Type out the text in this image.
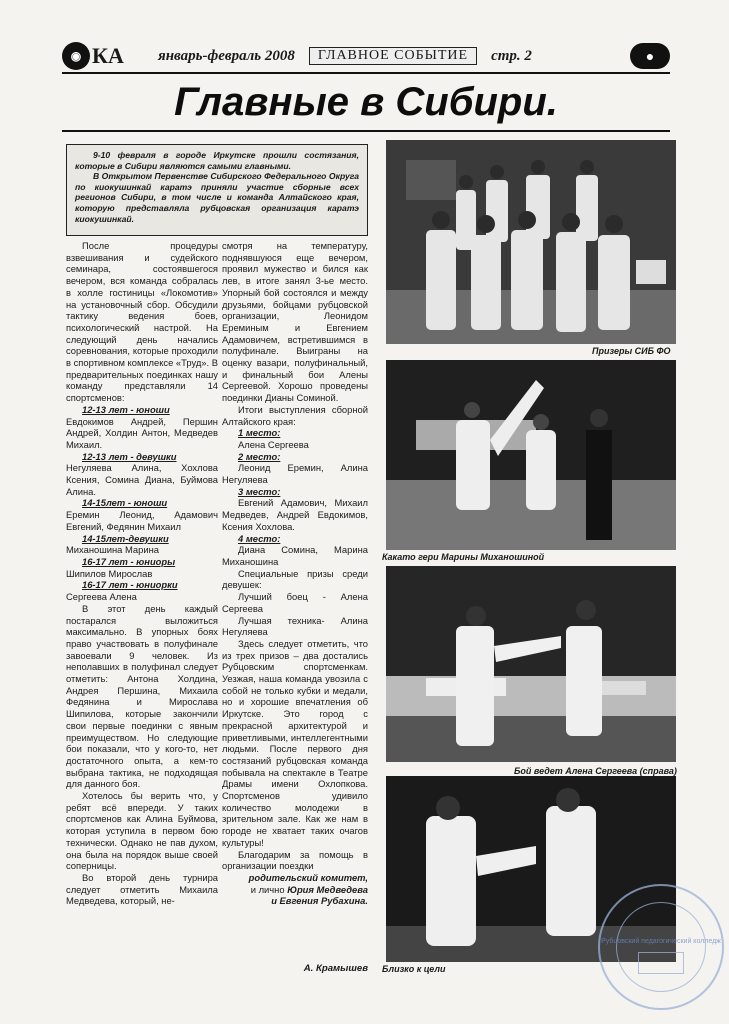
◉ КА январь-февраль 2008	ГЛАВНОЕ СОБЫТИЕ	стр. 2	●
Главные в Сибири.

9-10 февраля в городе Иркутске прошли состязания, которые в Сибири являются самыми главными.

В Открытом Первенстве Сибирского Федерального Округа по киокушинкай каратэ приняли участие сборные всех регионов Сибири, в том числе и команда Алтайского края, которую представляла рубцовская организация каратэ киокушинкай.

После процедуры взвешивания и судейского семинара, состоявшегося вечером, вся команда собралась в холле гостиницы «Локомотив» на установочный сбор. Обсудили тактику ведения боев, психологический настрой. На следующий день начались соревнования, которые проходили в спортивном комплексе «Труд». В предварительных поединках нашу команду представляли 14 спортсменов:

12-13 лет - юноши

Евдокимов Андрей, Першин Андрей, Холдин Антон, Медведев Михаил.

12-13 лет - девушки

Негуляева Алина, Хохлова Ксения, Сомина Диана, Буймова Алина.

14-15лет - юноши

Еремин Леонид, Адамович Евгений, Федянин Михаил

14-15лет-девушки

Миханошина Марина

16-17 лет - юниоры

Шипилов Мирослав

16-17 лет - юниорки

Сергеева Алена

В этот день каждый постарался выложиться максимально. В упорных боях право участвовать в полуфинале завоевали 9 человек. Из неполавших в полуфинал следует отметить: Антона Холдина, Андрея Першина, Михаила Федянина и Мирослава Шипилова, которые закончили свои первые поединки с явным преимуществом. Но следующие бои показали, что у кого-то, нет достаточного опыта, а кем-то выбрана тактика, не подходящая для данного боя.

Хотелось бы верить что, у ребят всё впереди. У таких спортсменов как Алина Буймова, которая уступила в первом бою технически. Однако не пав духом, она была на порядок выше своей соперницы.

Во второй день турнира следует отметить Михаила Медведева, который, не-

смотря на температуру, поднявшуюся еще вечером, проявил мужество и бился как лев, в итоге занял 3-ье место. Упорный бой состоялся и между друзьями, бойцами рубцовской организации, Леонидом Ереминым и Евгением Адамовичем, встретившимся в полуфинале. Выиграны на оценку вазари, полуфинальный, и финальный бои Алены Сергеевой. Хорошо проведены поединки Дианы Соминой.

Итоги выступления сборной Алтайского края:

1 место:

Алена Сергеева

2 место:

Леонид Еремин, Алина Негуляева

3 место:

Евгений Адамович, Михаил Медведев, Андрей Евдокимов, Ксения Хохлова.

4 место:

Диана Сомина, Марина Миханошина

Специальные призы среди девушек:

Лучший боец - Алена Сергеева

Лучшая техника- Алина Негуляева

Здесь следует отметить, что из трех призов – два достались Рубцовским спортсменкам. Уезжая, наша команда увозила с собой не только кубки и медали, но и хорошие впечатления об Иркутске. Это город с прекрасной архитектурой и приветливыми, интеллегентными людьми. После первого дня состязаний рубцовская команда побывала на спектакле в Театре Драмы имени Охлопкова. Спортсменов удивило количество молодежи в зрительном зале. Как же нам в городе не хватает таких очагов культуры!

Благодарим за помощь в организации поездки

родительский комитет,

и лично Юрия Медведева

и Евгения Рубахина.

А. Крамышев
Призеры СИБ ФО
Какато гери Марины Миханошиной
Бой ведет Алена Сергеева (справа)
Близко к цели
Рубцовский педагогический колледж
